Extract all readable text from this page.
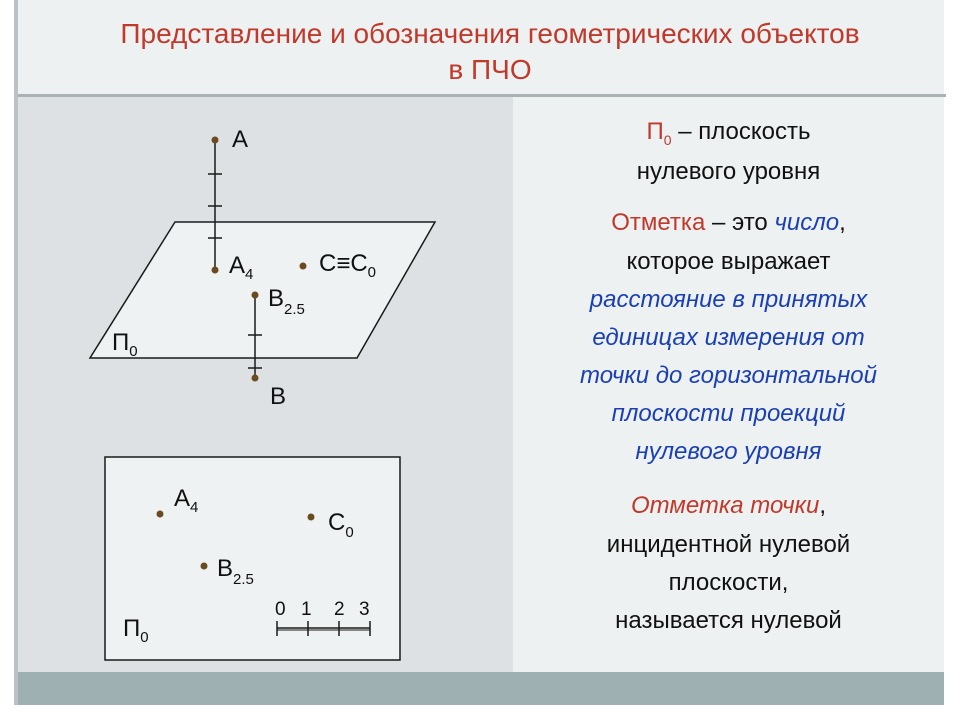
Представление и обозначения геометрических объектов
в ПЧО
A
$A_4$	$C\equiv C_0$
$B_{2.5}$
B
$П_0$
$A_4$
$C_0$
$B_{2.5}$
$П_0$
0 1 2 3
$П_0$ – плоскость
нулевого уровня
Отметка – это число,
которое выражает
расстояние в принятых
единицах измерения от
точки до горизонтальной
плоскости проекций
нулевого уровня
Отметка точки,
инцидентной нулевой
плоскости,
называется нулевой
